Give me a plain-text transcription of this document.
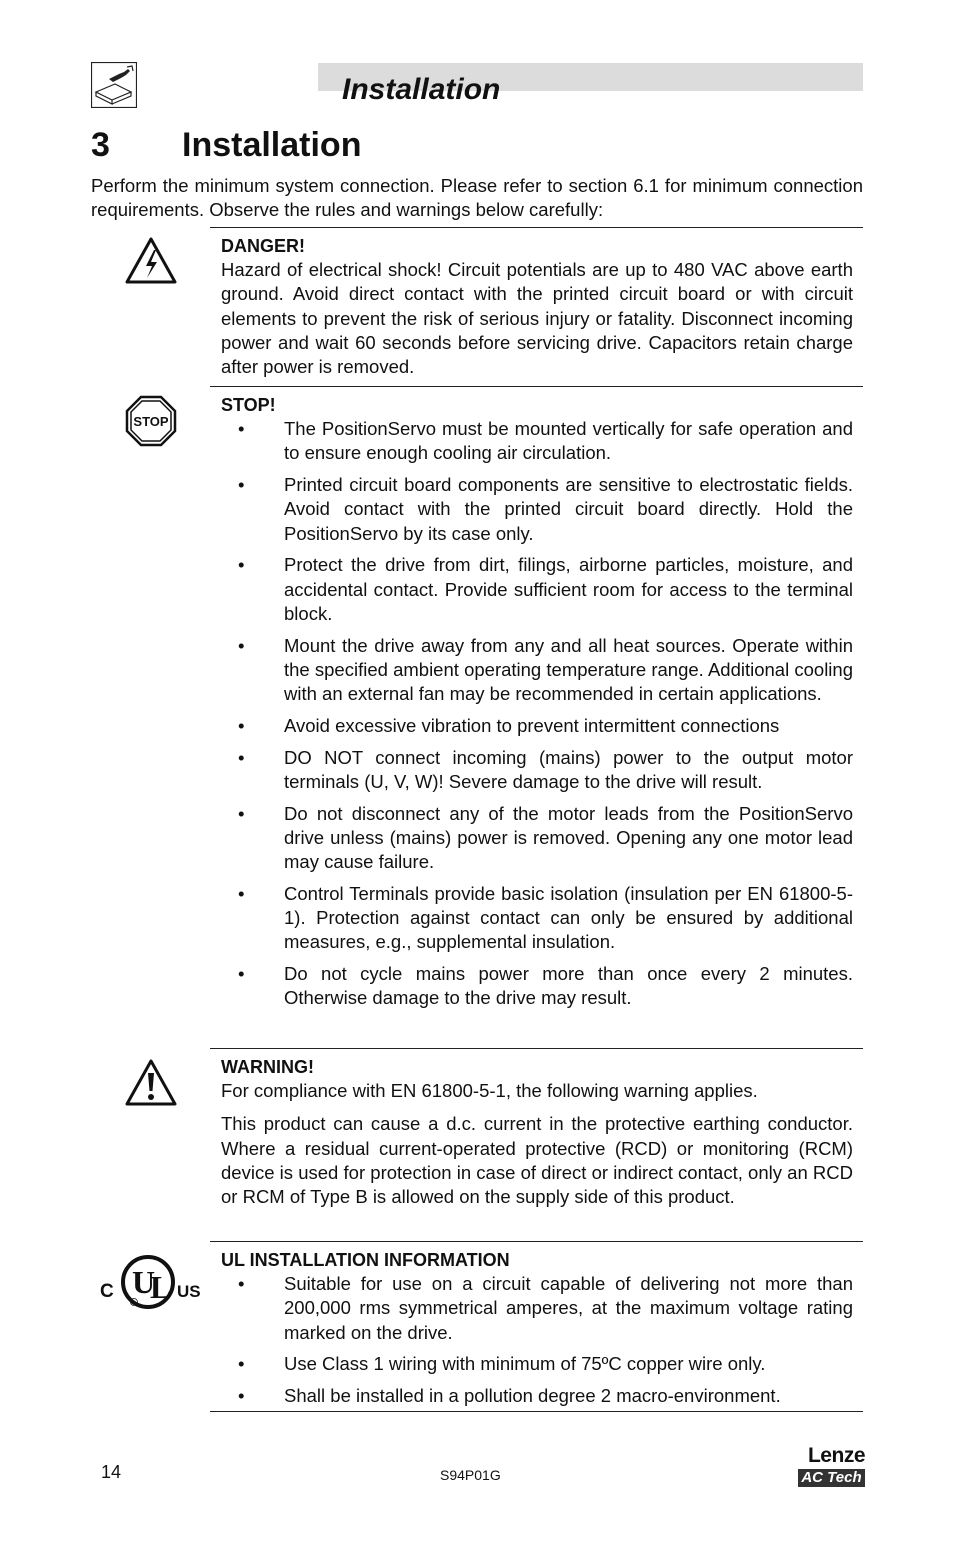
Installation
3 Installation
Perform the minimum system connection. Please refer to section 6.1 for minimum connection requirements. Observe the rules and warnings below carefully:
DANGER!

Hazard of electrical shock! Circuit potentials are up to 480 VAC above earth ground. Avoid direct contact with the printed circuit board or with circuit elements to prevent the risk of serious injury or fatality. Disconnect incoming power and wait 60 seconds before servicing drive. Capacitors retain charge after power is removed.

STOP
STOP!
• The PositionServo must be mounted vertically for safe operation and to ensure enough cooling air circulation.
• Printed circuit board components are sensitive to electrostatic fields. Avoid contact with the printed circuit board directly. Hold the PositionServo by its case only.
• Protect the drive from dirt, filings, airborne particles, moisture, and accidental contact. Provide sufficient room for access to the terminal block.
• Mount the drive away from any and all heat sources. Operate within the specified ambient operating temperature range. Additional cooling with an external fan may be recommended in certain applications.
• Avoid excessive vibration to prevent intermittent connections
• DO NOT connect incoming (mains) power to the output motor terminals (U, V, W)! Severe damage to the drive will result.
• Do not disconnect any of the motor leads from the PositionServo drive unless (mains) power is removed. Opening any one motor lead may cause failure.
• Control Terminals provide basic isolation (insulation per EN 61800-5-1). Protection against contact can only be ensured by additional measures, e.g., supplemental insulation.
• Do not cycle mains power more than once every 2 minutes. Otherwise damage to the drive may result.
WARNING!

For compliance with EN 61800-5-1, the following warning applies.

This product can cause a d.c. current in the protective earthing conductor. Where a residual current-operated protective (RCD) or monitoring (RCM) device is used for protection in case of direct or indirect contact, only an RCD or RCM of Type B is allowed on the supply side of this product.

C U
L US
UL INSTALLATION INFORMATION
• Suitable for use on a circuit capable of delivering not more than 200,000 rms symmetrical amperes, at the maximum voltage rating marked on the drive.
• Use Class 1 wiring with minimum of 75ºC copper wire only.
• Shall be installed in a pollution degree 2 macro-environment.
14	S94P01G
Lenze
AC Tech
